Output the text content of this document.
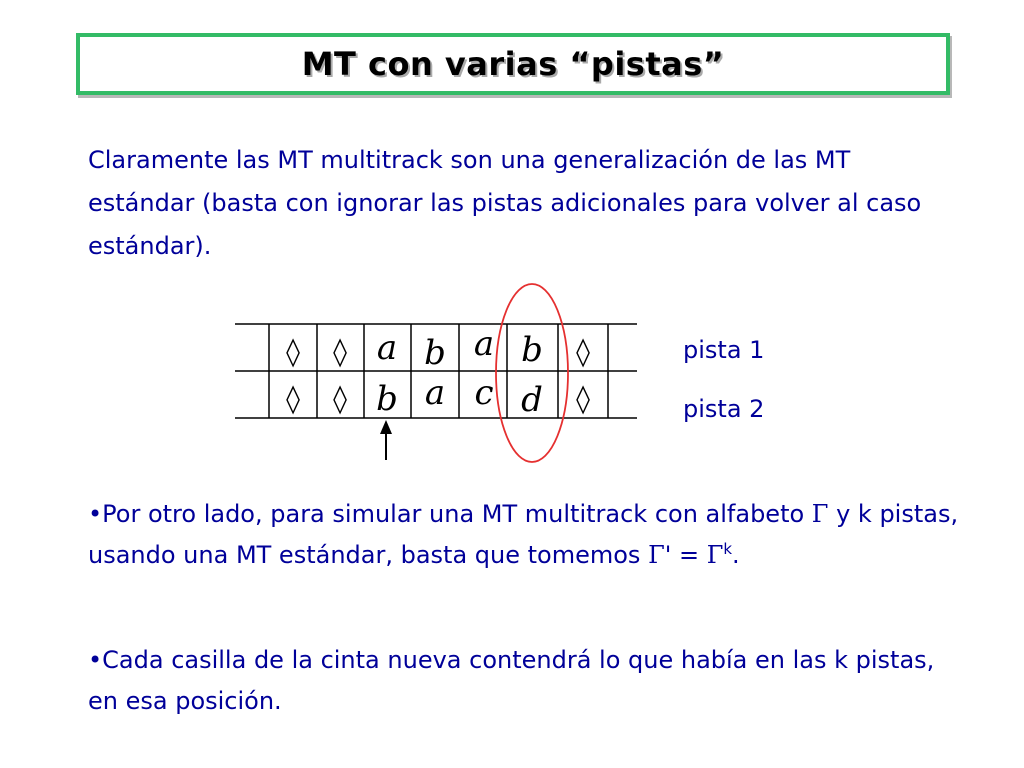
MT con varias “pistas”

Claramente las MT multitrack son una generalización de las MT estándar (basta con ignorar las pistas adicionales para volver al caso estándar).

◊ ◊ a b a b ◊
◊ ◊ b a c d ◊
pista 1
pista 2

•Por otro lado, para simular una MT multitrack con alfabeto Γ y k pistas, usando una MT estándar, basta que tomemos $\Gamma' = \Gamma^k$.

•Cada casilla de la cinta nueva contendrá lo que había en las k pistas, en esa posición.
